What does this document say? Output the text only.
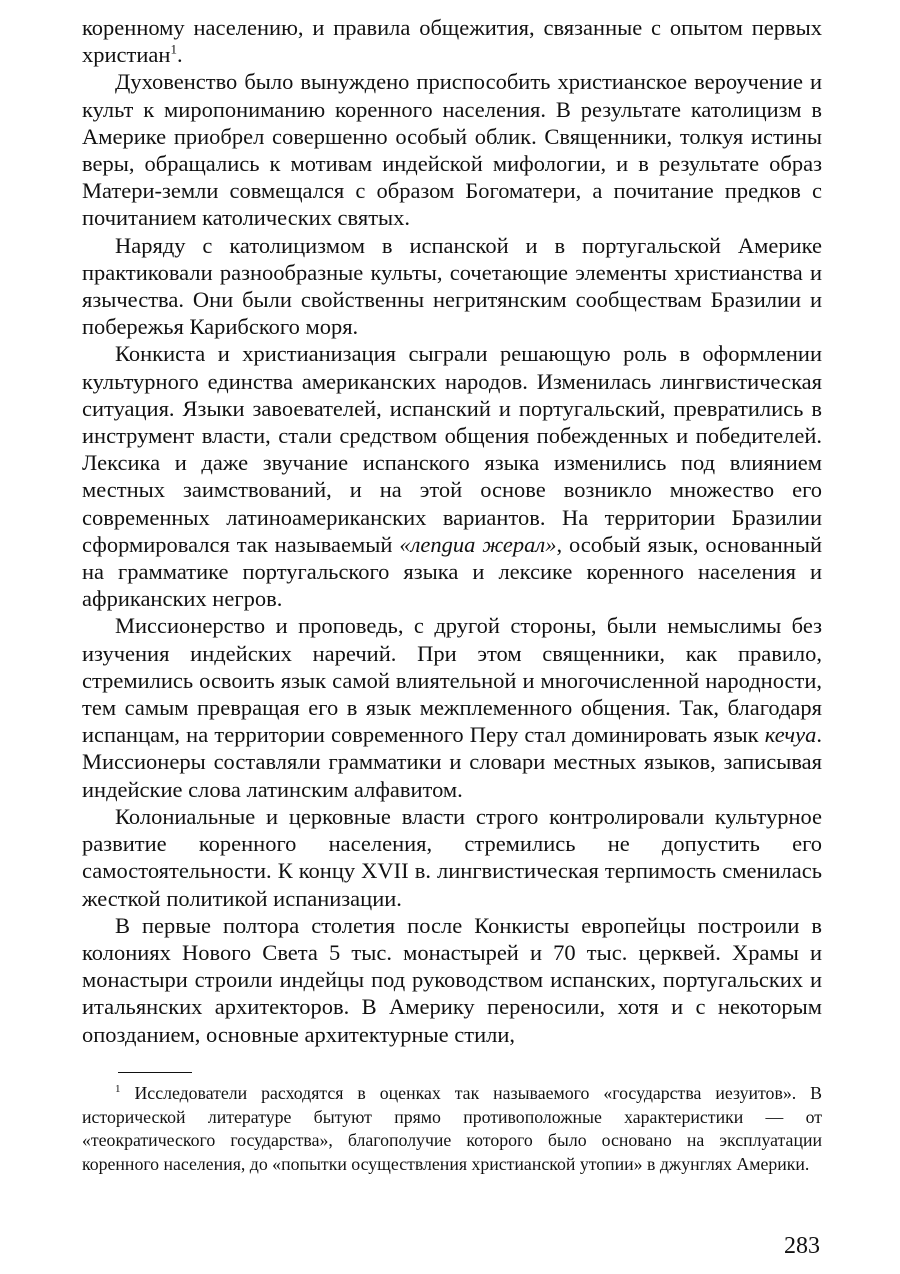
коренному населению, и правила общежития, связанные с опытом первых христиан$^1$.

Духовенство было вынуждено приспособить христианское вероучение и культ к миропониманию коренного населения. В результате католицизм в Америке приобрел совершенно особый облик. Священники, толкуя истины веры, обращались к мотивам индейской мифологии, и в результате образ Матери-земли совмещался с образом Богоматери, а почитание предков с почитанием католических святых.

Наряду с католицизмом в испанской и в португальской Америке практиковали разнообразные культы, сочетающие элементы христианства и язычества. Они были свойственны негритянским сообществам Бразилии и побережья Карибского моря.

Конкиста и христианизация сыграли решающую роль в оформлении культурного единства американских народов. Изменилась лингвистическая ситуация. Языки завоевателей, испанский и португальский, превратились в инструмент власти, стали средством общения побежденных и победителей. Лексика и даже звучание испанского языка изменились под влиянием местных заимствований, и на этой основе возникло множество его современных латиноамериканских вариантов. На территории Бразилии сформировался так называемый «лengua жерал», особый язык, основанный на грамматике португальского языка и лексике коренного населения и африканских негров.

Миссионерство и проповедь, с другой стороны, были немыслимы без изучения индейских наречий. При этом священники, как правило, стремились освоить язык самой влиятельной и многочисленной народности, тем самым превращая его в язык межплеменного общения. Так, благодаря испанцам, на территории современного Перу стал доминировать язык кечуа. Миссионеры составляли грамматики и словари местных языков, записывая индейские слова латинским алфавитом.

Колониальные и церковные власти строго контролировали культурное развитие коренного населения, стремились не допустить его самостоятельности. К концу XVII в. лингвистическая терпимость сменилась жесткой политикой испанизации.

В первые полтора столетия после Конкисты европейцы построили в колониях Нового Света 5 тыс. монастырей и 70 тыс. церквей. Храмы и монастыри строили индейцы под руководством испанских, португальских и итальянских архитекторов. В Америку переносили, хотя и с некоторым опозданием, основные архитектурные стили,

$^1$ Исследователи расходятся в оценках так называемого «государства иезуитов». В исторической литературе бытуют прямо противоположные характеристики — от «теократического государства», благополучие которого было основано на эксплуатации коренного населения, до «попытки осуществления христианской утопии» в джунглях Америки.

283
